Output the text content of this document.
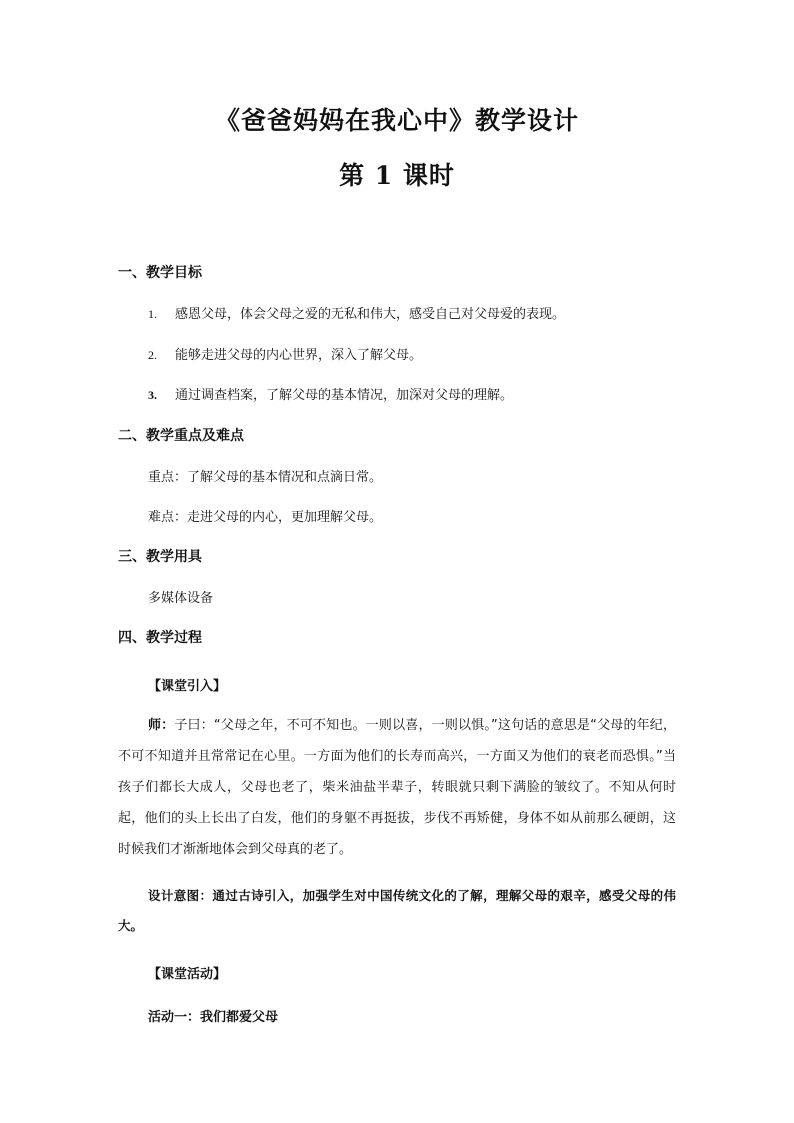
《爸爸妈妈在我心中》教学设计
第 1 课时
一、教学目标
1. 感恩父母，体会父母之爱的无私和伟大，感受自己对父母爱的表现。
2. 能够走进父母的内心世界，深入了解父母。
3. 通过调查档案，了解父母的基本情况，加深对父母的理解。
二、教学重点及难点
重点：了解父母的基本情况和点滴日常。
难点：走进父母的内心，更加理解父母。
三、教学用具
多媒体设备
四、教学过程
【课堂引入】

师：子曰：“父母之年，不可不知也。一则以喜，一则以惧。”这句话的意思是“父母的年纪，不可不知道并且常常记在心里。一方面为他们的长寿而高兴，一方面又为他们的衰老而恐惧。”当孩子们都长大成人，父母也老了，柴米油盐半辈子，转眼就只剩下满脸的皱纹了。不知从何时起，他们的头上长出了白发，他们的身躯不再挺拔，步伐不再矫健，身体不如从前那么硬朗，这时候我们才渐渐地体会到父母真的老了。

设计意图：通过古诗引入，加强学生对中国传统文化的了解，理解父母的艰辛，感受父母的伟大。

【课堂活动】
活动一：我们都爱父母
